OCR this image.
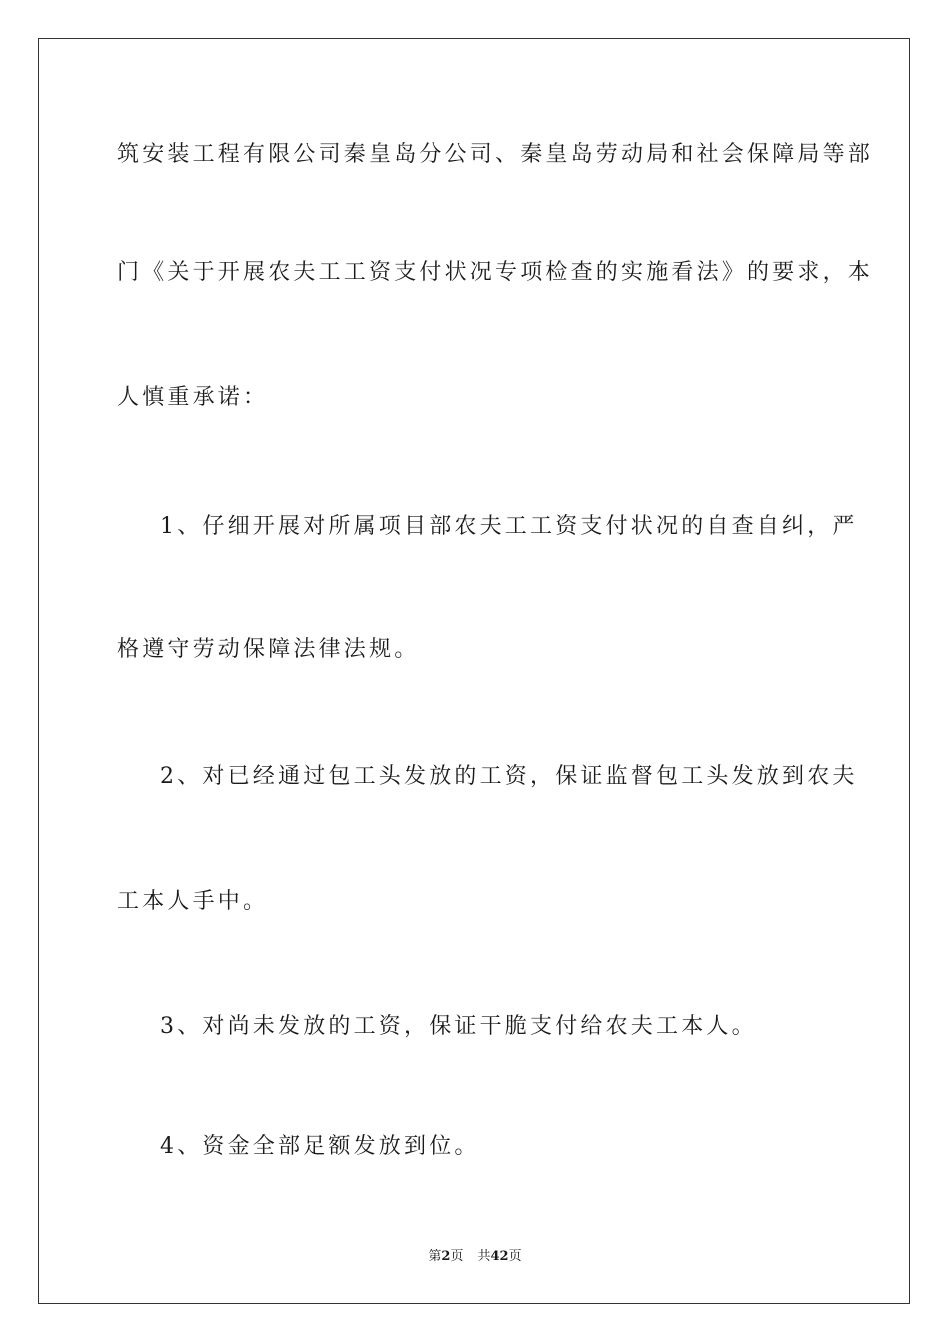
筑安装工程有限公司秦皇岛分公司、秦皇岛劳动局和社会保障局等部
门《关于开展农夫工工资支付状况专项检查的实施看法》的要求，本
人慎重承诺：
1、仔细开展对所属项目部农夫工工资支付状况的自查自纠，严
格遵守劳动保障法律法规。
2、对已经通过包工头发放的工资，保证监督包工头发放到农夫
工本人手中。
3、对尚未发放的工资，保证干脆支付给农夫工本人。
4、资金全部足额发放到位。
第2页 共42页
